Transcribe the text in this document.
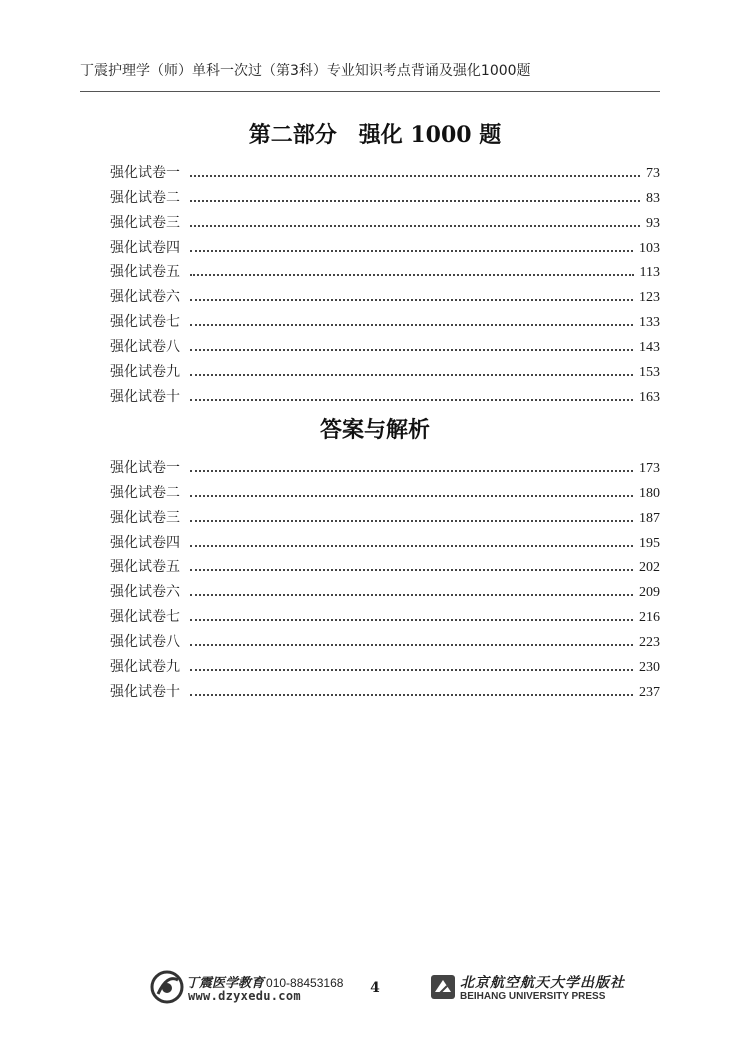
丁震护理学（师）单科一次过（第3科）专业知识考点背诵及强化1000题
第二部分　强化 1000 题
强化试卷一	73
强化试卷二	83
强化试卷三	93
强化试卷四	103
强化试卷五	113
强化试卷六	123
强化试卷七	133
强化试卷八	143
强化试卷九	153
强化试卷十	163
答案与解析
强化试卷一	173
强化试卷二	180
强化试卷三	187
强化试卷四	195
强化试卷五	202
强化试卷六	209
强化试卷七	216
强化试卷八	223
强化试卷九	230
强化试卷十	237
丁震医学教育 010-88453168
www.dzyxedu.com	4	北京航空航天大学出版社
BEIHANG UNIVERSITY PRESS
